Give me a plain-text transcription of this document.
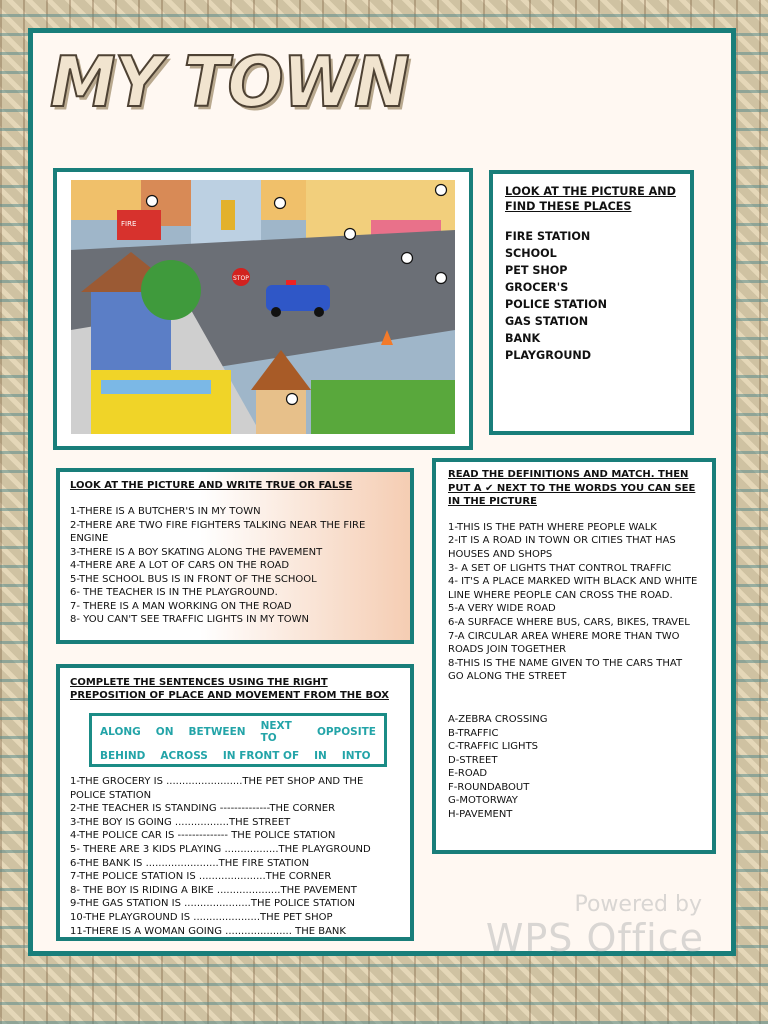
MY TOWN
FIRE
STOP
LOOK AT THE PICTURE AND FIND THESE PLACES
FIRE STATION
SCHOOL
PET SHOP
GROCER'S
POLICE STATION
GAS STATION
BANK
PLAYGROUND
LOOK AT THE PICTURE AND WRITE TRUE OR FALSE
1-THERE IS A BUTCHER'S IN MY TOWN
2-THERE ARE TWO FIRE FIGHTERS TALKING NEAR THE FIRE ENGINE
3-THERE IS A BOY SKATING ALONG THE PAVEMENT
4-THERE ARE A LOT OF CARS ON THE ROAD
5-THE SCHOOL BUS IS IN FRONT OF THE SCHOOL
6- THE TEACHER IS IN THE PLAYGROUND.
7- THERE IS A MAN WORKING ON THE ROAD
8- YOU CAN'T SEE TRAFFIC LIGHTS IN MY TOWN
COMPLETE THE SENTENCES USING THE RIGHT PREPOSITION OF PLACE AND MOVEMENT FROM THE BOX
ALONG ON BETWEEN NEXT TO	OPPOSITE
BEHIND ACROSS IN FRONT OF IN INTO
1-THE GROCERY IS ........................THE PET SHOP AND THE POLICE STATION
2-THE TEACHER IS STANDING --------------THE CORNER
3-THE BOY IS GOING .................THE STREET
4-THE POLICE CAR IS -------------- THE POLICE STATION
5- THERE ARE 3 KIDS PLAYING .................THE PLAYGROUND
6-THE BANK IS .......................THE FIRE STATION
7-THE POLICE STATION IS .....................THE CORNER
8- THE BOY IS RIDING A BIKE ....................THE PAVEMENT
9-THE GAS STATION IS .....................THE POLICE STATION
10-THE PLAYGROUND IS .....................THE PET SHOP
11-THERE IS A WOMAN GOING ..................... THE BANK
READ THE DEFINITIONS AND MATCH. THEN PUT A ✔ NEXT TO THE WORDS YOU CAN SEE IN THE PICTURE
1-THIS IS THE PATH WHERE PEOPLE WALK
2-IT IS A ROAD IN TOWN OR CITIES THAT HAS HOUSES AND SHOPS
3- A SET OF LIGHTS THAT CONTROL TRAFFIC
4- IT'S A PLACE MARKED WITH BLACK AND WHITE LINE WHERE PEOPLE CAN CROSS THE ROAD.
5-A VERY WIDE ROAD
6-A SURFACE WHERE BUS, CARS, BIKES, TRAVEL
7-A CIRCULAR AREA WHERE MORE THAN TWO ROADS JOIN TOGETHER
8-THIS IS THE NAME GIVEN TO THE CARS THAT GO ALONG THE STREET
A-ZEBRA CROSSING
B-TRAFFIC
C-TRAFFIC LIGHTS
D-STREET
E-ROAD
F-ROUNDABOUT
G-MOTORWAY
H-PAVEMENT
Powered by
WPS Office
